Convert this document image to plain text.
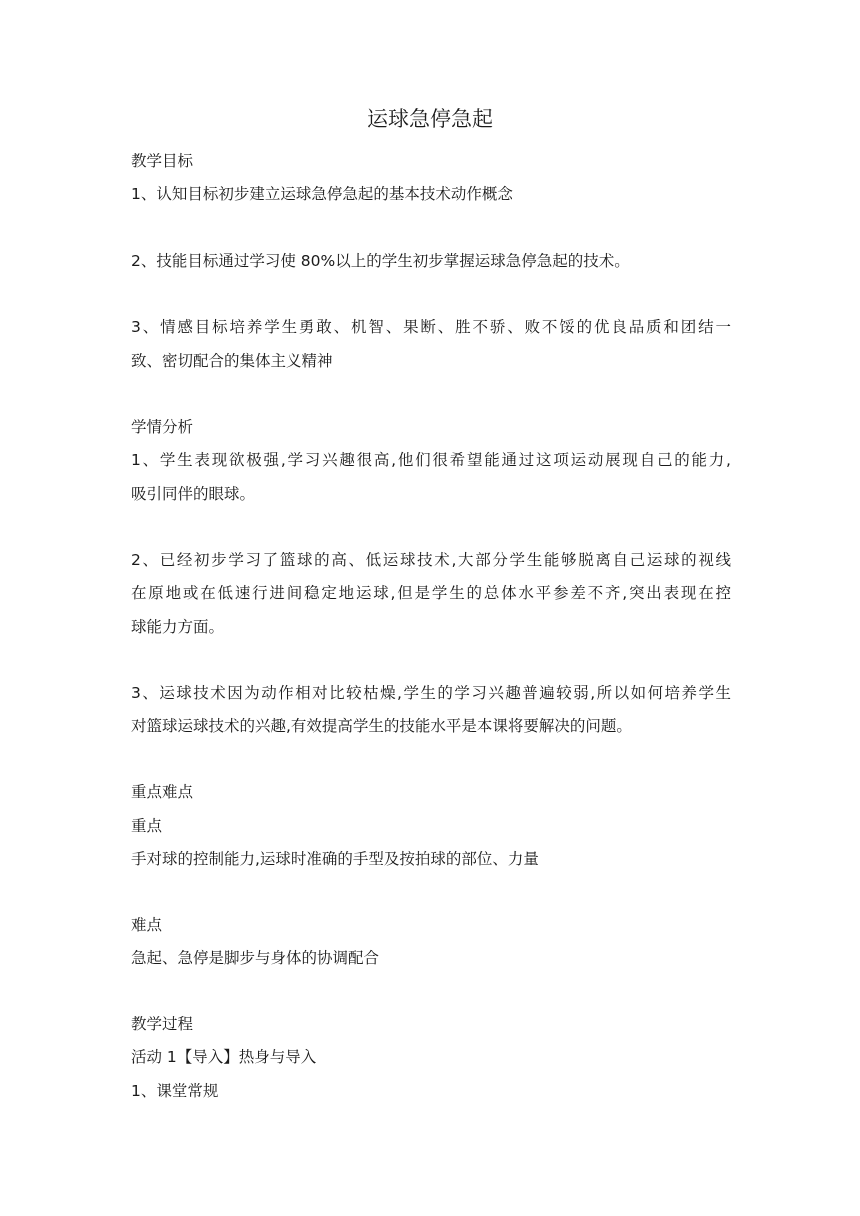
运球急停急起
教学目标
1、认知目标初步建立运球急停急起的基本技术动作概念
2、技能目标通过学习使 80%以上的学生初步掌握运球急停急起的技术。
3、情感目标培养学生勇敢、机智、果断、胜不骄、败不馁的优良品质和团结一
致、密切配合的集体主义精神
学情分析
1、学生表现欲极强,学习兴趣很高,他们很希望能通过这项运动展现自己的能力,
吸引同伴的眼球。
2、已经初步学习了篮球的高、低运球技术,大部分学生能够脱离自己运球的视线
在原地或在低速行进间稳定地运球,但是学生的总体水平参差不齐,突出表现在控
球能力方面。
3、运球技术因为动作相对比较枯燥,学生的学习兴趣普遍较弱,所以如何培养学生
对篮球运球技术的兴趣,有效提高学生的技能水平是本课将要解决的问题。
重点难点
重点
手对球的控制能力,运球时准确的手型及按拍球的部位、力量
难点
急起、急停是脚步与身体的协调配合
教学过程
活动 1【导入】热身与导入
1、课堂常规
